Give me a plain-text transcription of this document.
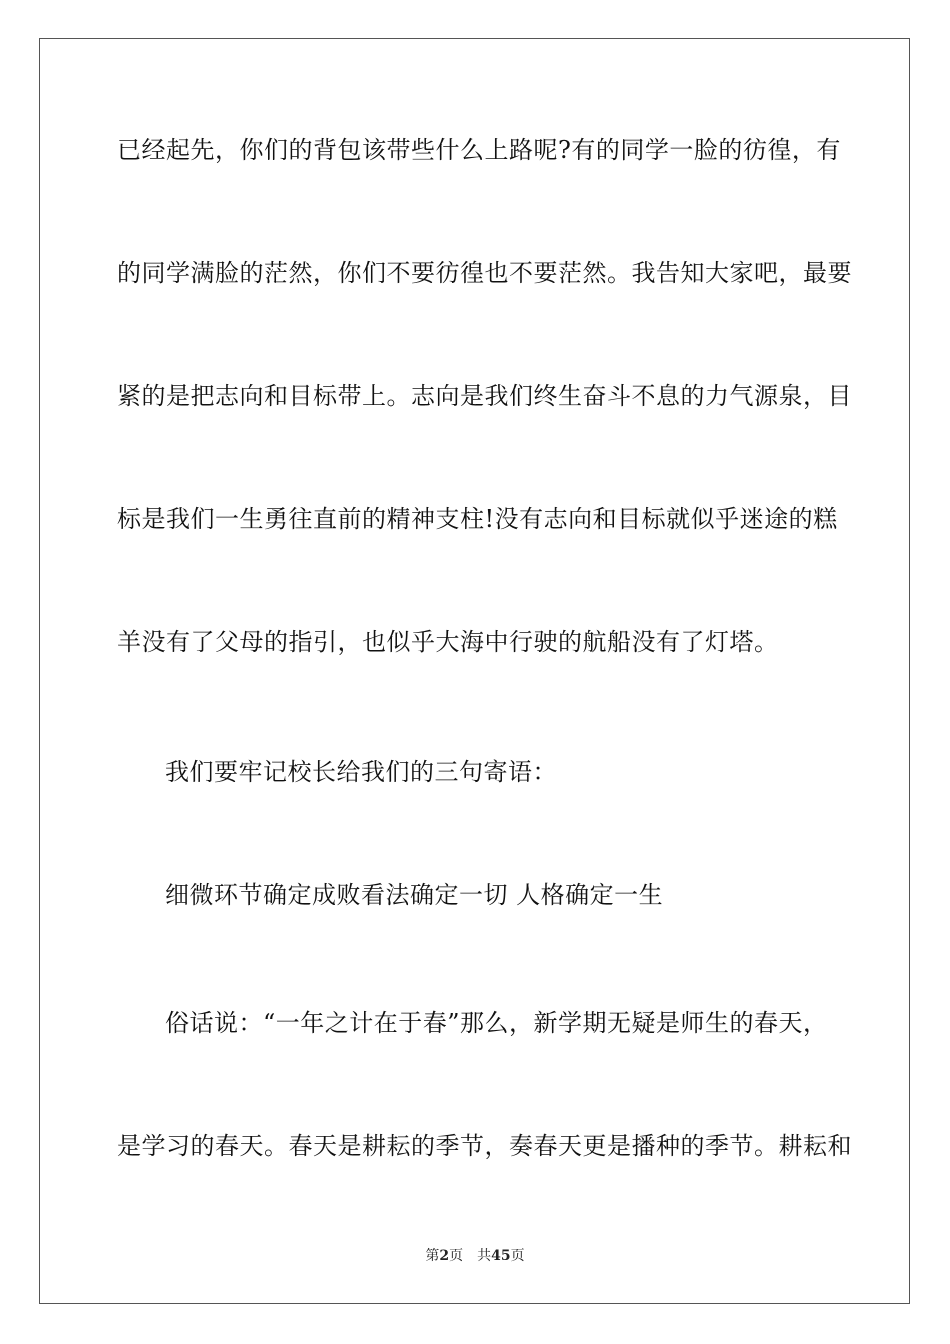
已经起先，你们的背包该带些什么上路呢?有的同学一脸的彷徨，有
的同学满脸的茫然，你们不要彷徨也不要茫然。我告知大家吧，最要
紧的是把志向和目标带上。志向是我们终生奋斗不息的力气源泉，目
标是我们一生勇往直前的精神支柱!没有志向和目标就似乎迷途的糕
羊没有了父母的指引，也似乎大海中行驶的航船没有了灯塔。
我们要牢记校长给我们的三句寄语：
细微环节确定成败看法确定一切 人格确定一生
俗话说：“一年之计在于春”那么，新学期无疑是师生的春天，
是学习的春天。春天是耕耘的季节，奏春天更是播种的季节。耕耘和
第2页 共45页
